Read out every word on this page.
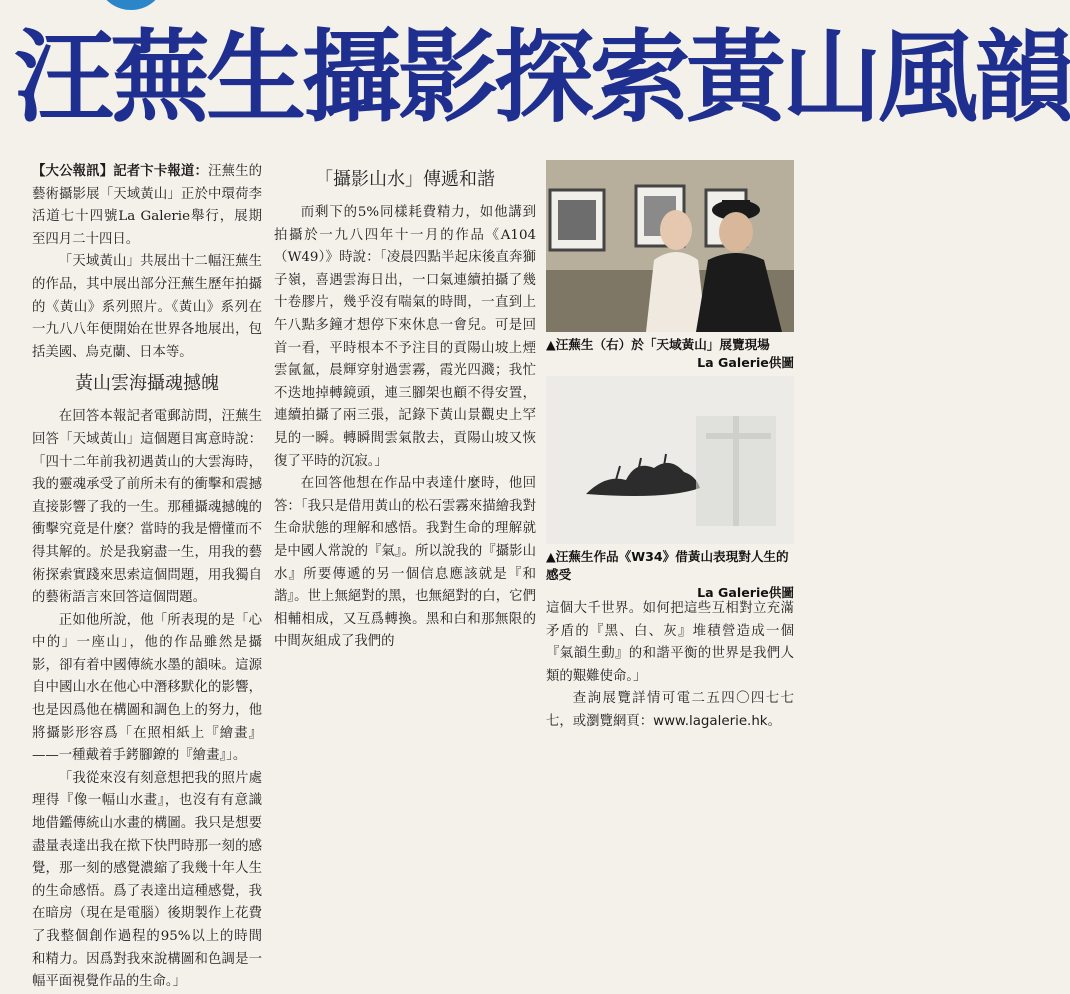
汪蕪生攝影探索黃山風韻

【大公報訊】記者卞卡報道：汪蕪生的藝術攝影展「天域黃山」正於中環荷李活道七十四號La Galerie舉行，展期至四月二十四日。

「天域黃山」共展出十二幅汪蕪生的作品，其中展出部分汪蕪生歷年拍攝的《黃山》系列照片。《黃山》系列在一九八八年便開始在世界各地展出，包括美國、烏克蘭、日本等。

黃山雲海攝魂撼魄

在回答本報記者電郵訪問，汪蕪生回答「天域黃山」這個題目寓意時說：「四十二年前我初遇黃山的大雲海時，我的靈魂承受了前所未有的衝擊和震撼直接影響了我的一生。那種攝魂撼魄的衝擊究竟是什麼？當時的我是懵懂而不得其解的。於是我窮盡一生，用我的藝術探索實踐來思索這個問題，用我獨自的藝術語言來回答這個問題。

正如他所說，他「所表現的是「心中的」一座山」，他的作品雖然是攝影，卻有着中國傳統水墨的韻味。這源自中國山水在他心中潛移默化的影響，也是因爲他在構圖和調色上的努力，他將攝影形容爲「在照相紙上『繪畫』——一種戴着手銬腳鐐的『繪畫』」。

「我從來沒有刻意想把我的照片處理得『像一幅山水畫』，也沒有有意識地借鑑傳統山水畫的構圖。我只是想要盡量表達出我在揿下快門時那一刻的感覺，那一刻的感覺濃縮了我幾十年人生的生命感悟。爲了表達出這種感覺，我在暗房（現在是電腦）後期製作上花費了我整個創作過程的95%以上的時間和精力。因爲對我來說構圖和色調是一幅平面視覺作品的生命。」

「攝影山水」傳遞和諧

而剩下的5%同樣耗費精力，如他講到拍攝於一九八四年十一月的作品《A104（W49）》時說：「凌晨四點半起床後直奔獅子嶺，喜遇雲海日出，一口氣連續拍攝了幾十卷膠片，幾乎沒有喘氣的時間，一直到上午八點多鐘才想停下來休息一會兒。可是回首一看，平時根本不予注目的貢陽山坡上煙雲氤氳，晨輝穿射過雲霧，霞光四濺；我忙不迭地掉轉鏡頭，連三腳架也顧不得安置，連續拍攝了兩三張，記錄下黃山景觀史上罕見的一瞬。轉瞬間雲氣散去，貢陽山坡又恢復了平時的沉寂。」

在回答他想在作品中表達什麼時，他回答：「我只是借用黃山的松石雲霧來描繪我對生命狀態的理解和感悟。我對生命的理解就是中國人常說的『氣』。所以說我的『攝影山水』所要傳遞的另一個信息應該就是『和諧』。世上無絕對的黑，也無絕對的白，它們相輔相成，又互爲轉換。黑和白和那無限的中間灰組成了我們的

▲汪蕪生（右）於「天域黃山」展覽現場
La Galerie供圖
▲汪蕪生作品《W34》借黃山表現對人生的感受
La Galerie供圖

這個大千世界。如何把這些互相對立充滿矛盾的『黑、白、灰』堆積營造成一個『氣韻生動』的和諧平衡的世界是我們人類的艱難使命。」

查詢展覽詳情可電二五四〇四七七七，或瀏覽網頁：www.lagalerie.hk。
